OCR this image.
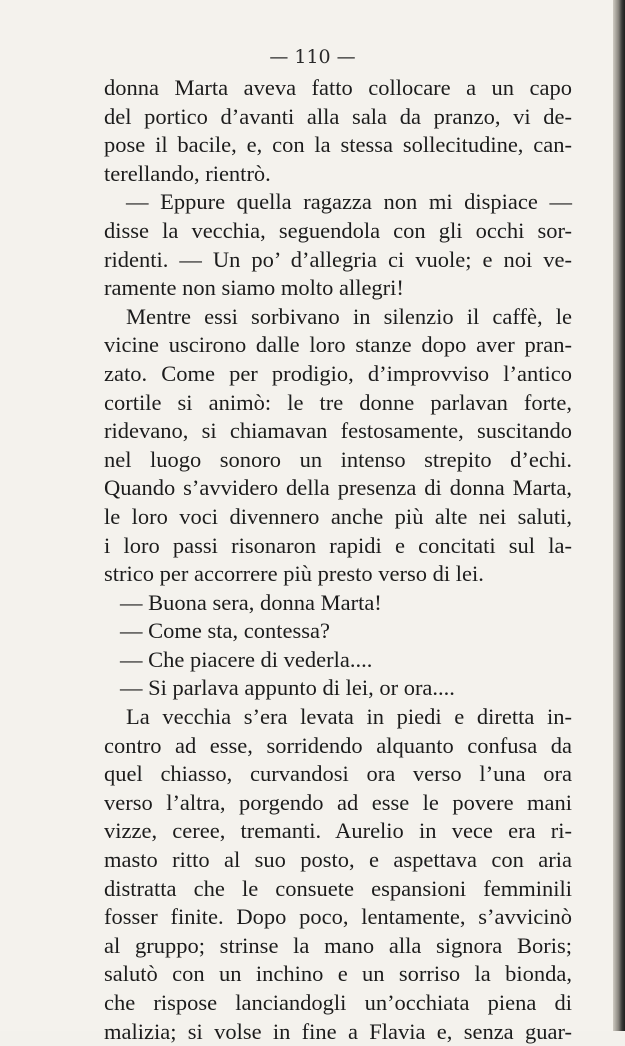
— 110 —
donna Marta aveva fatto collocare a un capo
del portico d’avanti alla sala da pranzo, vi de-
pose il bacile, e, con la stessa sollecitudine, can-
terellando, rientrò.
— Eppure quella ragazza non mi dispiace —
disse la vecchia, seguendola con gli occhi sor-
ridenti. — Un po’ d’allegria ci vuole; e noi ve-
ramente non siamo molto allegri!
Mentre essi sorbivano in silenzio il caffè, le
vicine uscirono dalle loro stanze dopo aver pran-
zato. Come per prodigio, d’improvviso l’antico
cortile si animò: le tre donne parlavan forte,
ridevano, si chiamavan festosamente, suscitando
nel luogo sonoro un intenso strepito d’echi.
Quando s’avvidero della presenza di donna Marta,
le loro voci divennero anche più alte nei saluti,
i loro passi risonaron rapidi e concitati sul la-
strico per accorrere più presto verso di lei.
— Buona sera, donna Marta!
— Come sta, contessa?
— Che piacere di vederla....
— Si parlava appunto di lei, or ora....
La vecchia s’era levata in piedi e diretta in-
contro ad esse, sorridendo alquanto confusa da
quel chiasso, curvandosi ora verso l’una ora
verso l’altra, porgendo ad esse le povere mani
vizze, ceree, tremanti. Aurelio in vece era ri-
masto ritto al suo posto, e aspettava con aria
distratta che le consuete espansioni femminili
fosser finite. Dopo poco, lentamente, s’avvicinò
al gruppo; strinse la mano alla signora Boris;
salutò con un inchino e un sorriso la bionda,
che rispose lanciandogli un’occhiata piena di
malizia; si volse in fine a Flavia e, senza guar-
